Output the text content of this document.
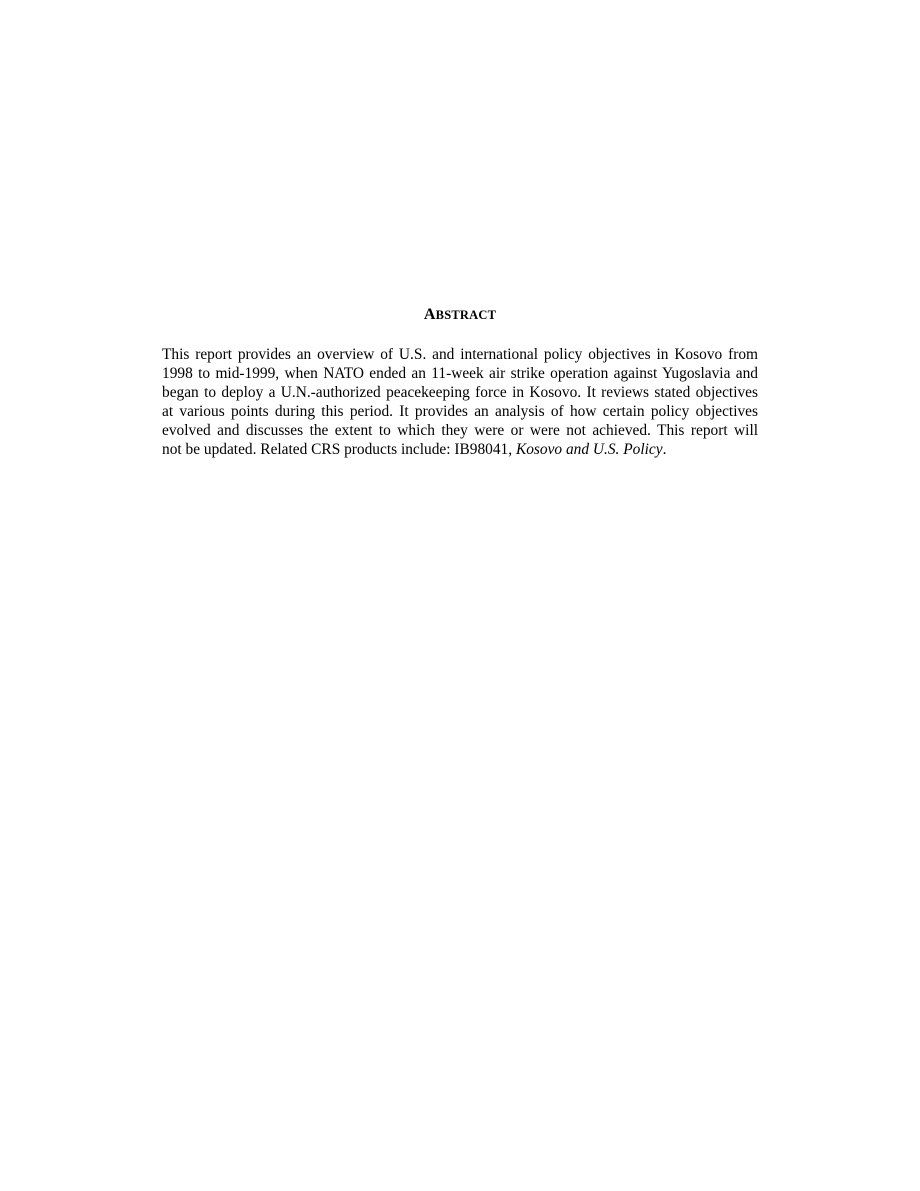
ABSTRACT

This report provides an overview of U.S. and international policy objectives in Kosovo from
1998 to mid-1999, when NATO ended an 11-week air strike operation against Yugoslavia and
began to deploy a U.N.-authorized peacekeeping force in Kosovo. It reviews stated objectives
at various points during this period. It provides an analysis of how certain policy objectives
evolved and discusses the extent to which they were or were not achieved. This report will
not be updated. Related CRS products include: IB98041, Kosovo and U.S. Policy.
